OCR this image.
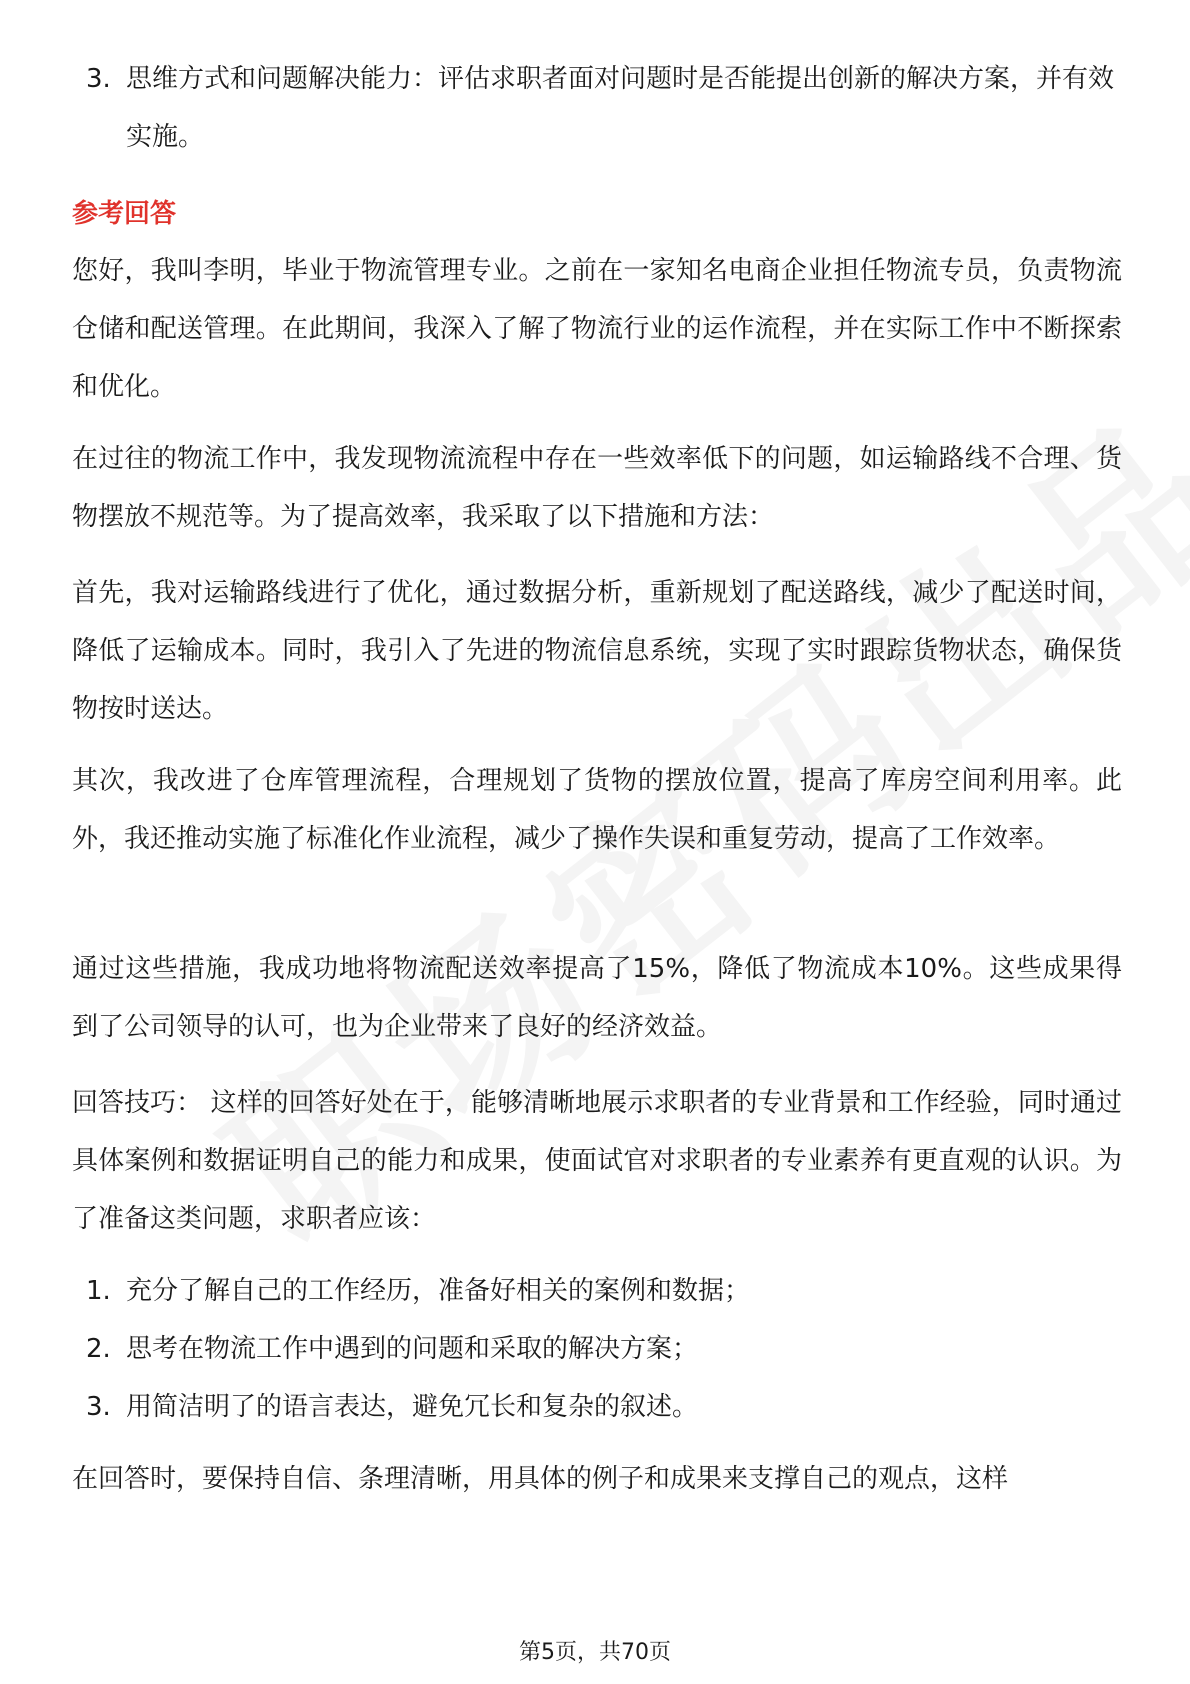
3. 思维方式和问题解决能力：评估求职者面对问题时是否能提出创新的解决方案，并有效实施。
参考回答
您好，我叫李明，毕业于物流管理专业。之前在一家知名电商企业担任物流专员，负责物流仓储和配送管理。在此期间，我深入了解了物流行业的运作流程，并在实际工作中不断探索和优化。
在过往的物流工作中，我发现物流流程中存在一些效率低下的问题，如运输路线不合理、货物摆放不规范等。为了提高效率，我采取了以下措施和方法：
首先，我对运输路线进行了优化，通过数据分析，重新规划了配送路线，减少了配送时间，降低了运输成本。同时，我引入了先进的物流信息系统，实现了实时跟踪货物状态，确保货物按时送达。
其次，我改进了仓库管理流程，合理规划了货物的摆放位置，提高了库房空间利用率。此外，我还推动实施了标准化作业流程，减少了操作失误和重复劳动，提高了工作效率。
通过这些措施，我成功地将物流配送效率提高了15%，降低了物流成本10%。这些成果得到了公司领导的认可，也为企业带来了良好的经济效益。
回答技巧： 这样的回答好处在于，能够清晰地展示求职者的专业背景和工作经验，同时通过具体案例和数据证明自己的能力和成果，使面试官对求职者的专业素养有更直观的认识。为了准备这类问题，求职者应该：
1. 充分了解自己的工作经历，准备好相关的案例和数据；
2. 思考在物流工作中遇到的问题和采取的解决方案；
3. 用简洁明了的语言表达，避免冗长和复杂的叙述。
在回答时，要保持自信、条理清晰，用具体的例子和成果来支撑自己的观点，这样
第5页，共70页
